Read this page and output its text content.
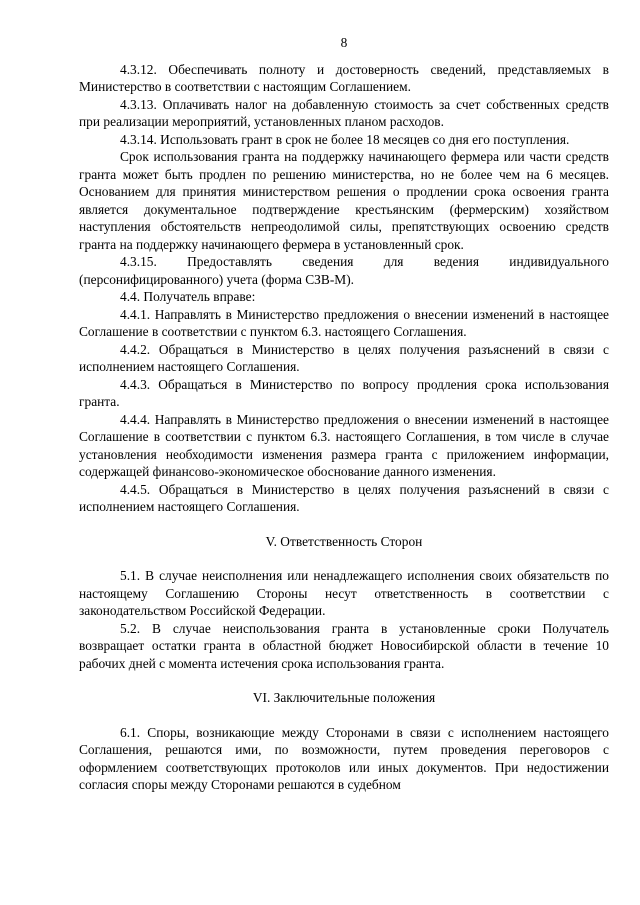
8

4.3.12. Обеспечивать полноту и достоверность сведений, представляемых в Министерство в соответствии с настоящим Соглашением.

4.3.13. Оплачивать налог на добавленную стоимость за счет собственных средств при реализации мероприятий, установленных планом расходов.

4.3.14. Использовать грант в срок не более 18 месяцев со дня его поступления.

Срок использования гранта на поддержку начинающего фермера или части средств гранта может быть продлен по решению министерства, но не более чем на 6 месяцев. Основанием для принятия министерством решения о продлении срока освоения гранта является документальное подтверждение крестьянским (фермерским) хозяйством наступления обстоятельств непреодолимой силы, препятствующих освоению средств гранта на поддержку начинающего фермера в установленный срок.

4.3.15. Предоставлять сведения для ведения индивидуального (персонифицированного) учета (форма СЗВ-М).

4.4. Получатель вправе:

4.4.1. Направлять в Министерство предложения о внесении изменений в настоящее Соглашение в соответствии с пунктом 6.3. настоящего Соглашения.

4.4.2. Обращаться в Министерство в целях получения разъяснений в связи с исполнением настоящего Соглашения.

4.4.3. Обращаться в Министерство по вопросу продления срока использования гранта.

4.4.4. Направлять в Министерство предложения о внесении изменений в настоящее Соглашение в соответствии с пунктом 6.3. настоящего Соглашения, в том числе в случае установления необходимости изменения размера гранта с приложением информации, содержащей финансово-экономическое обоснование данного изменения.

4.4.5. Обращаться в Министерство в целях получения разъяснений в связи с исполнением настоящего Соглашения.

V. Ответственность Сторон

5.1. В случае неисполнения или ненадлежащего исполнения своих обязательств по настоящему Соглашению Стороны несут ответственность в соответствии с законодательством Российской Федерации.

5.2. В случае неиспользования гранта в установленные сроки Получатель возвращает остатки гранта в областной бюджет Новосибирской области в течение 10 рабочих дней с момента истечения срока использования гранта.

VI. Заключительные положения

6.1. Споры, возникающие между Сторонами в связи с исполнением настоящего Соглашения, решаются ими, по возможности, путем проведения переговоров с оформлением соответствующих протоколов или иных документов. При недостижении согласия споры между Сторонами решаются в судебном
